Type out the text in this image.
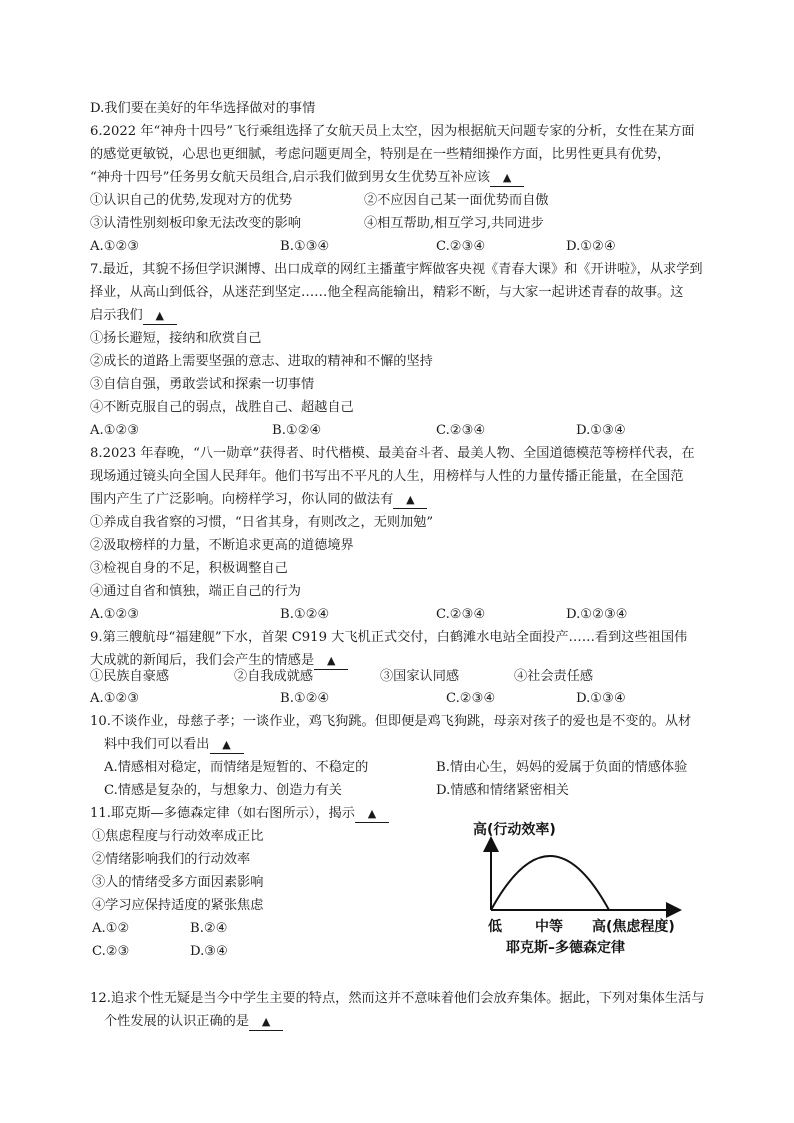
D.我们要在美好的年华选择做对的事情
6.2022 年“神舟十四号”飞行乘组选择了女航天员上太空，因为根据航天问题专家的分析，女性在某方面
的感觉更敏锐，心思也更细腻，考虑问题更周全，特别是在一些精细操作方面，比男性更具有优势，
“神舟十四号”任务男女航天员组合,启示我们做到男女生优势互补应该 ▲
①认识自己的优势,发现对方的优势	②不应因自己某一面优势而自傲
③认清性别刻板印象无法改变的影响	④相互帮助,相互学习,共同进步
A.①②③	B.①③④	C.②③④	D.①②④
7.最近，其貌不扬但学识渊博、出口成章的网红主播董宇辉做客央视《青春大课》和《开讲啦》，从求学到
择业，从高山到低谷，从迷茫到坚定……他全程高能输出，精彩不断，与大家一起讲述青春的故事。这
启示我们 ▲
①扬长避短，接纳和欣赏自己
②成长的道路上需要坚强的意志、进取的精神和不懈的坚持
③自信自强，勇敢尝试和探索一切事情
④不断克服自己的弱点，战胜自己、超越自己
A.①②③	B.①②④	C.②③④	D.①③④
8.2023 年春晚，“八一勋章”获得者、时代楷模、最美奋斗者、最美人物、全国道德模范等榜样代表，在
现场通过镜头向全国人民拜年。他们书写出不平凡的人生，用榜样与人性的力量传播正能量，在全国范
围内产生了广泛影响。向榜样学习，你认同的做法有 ▲
①养成自我省察的习惯，“日省其身，有则改之，无则加勉”
②汲取榜样的力量，不断追求更高的道德境界
③检视自身的不足，积极调整自己
④通过自省和慎独，端正自己的行为
A.①②③	B.①②④	C.②③④	D.①②③④
9.第三艘航母“福建舰”下水，首架 C919 大飞机正式交付，白鹤滩水电站全面投产……看到这些祖国伟
大成就的新闻后，我们会产生的情感是 ▲
①民族自豪感	②自我成就感	③国家认同感	④社会责任感
A.①②③	B.①②④	C.②③④	D.①③④
10.不谈作业，母慈子孝；一谈作业，鸡飞狗跳。但即便是鸡飞狗跳，母亲对孩子的爱也是不变的。从材
料中我们可以看出 ▲
A.情感相对稳定，而情绪是短暂的、不稳定的	B.情由心生，妈妈的爱属于负面的情感体验
C.情感是复杂的，与想象力、创造力有关	D.情感和情绪紧密相关
11.耶克斯—多德森定律（如右图所示），揭示 ▲
①焦虑程度与行动效率成正比
②情绪影响我们的行动效率
③人的情绪受多方面因素影响
④学习应保持适度的紧张焦虑
A.①②	B.②④
C.②③	D.③④
高(行动效率)
低 中等 高(焦虑程度)
耶克斯–多德森定律
12.追求个性无疑是当今中学生主要的特点，然而这并不意味着他们会放弃集体。据此，下列对集体生活与
个性发展的认识正确的是 ▲
